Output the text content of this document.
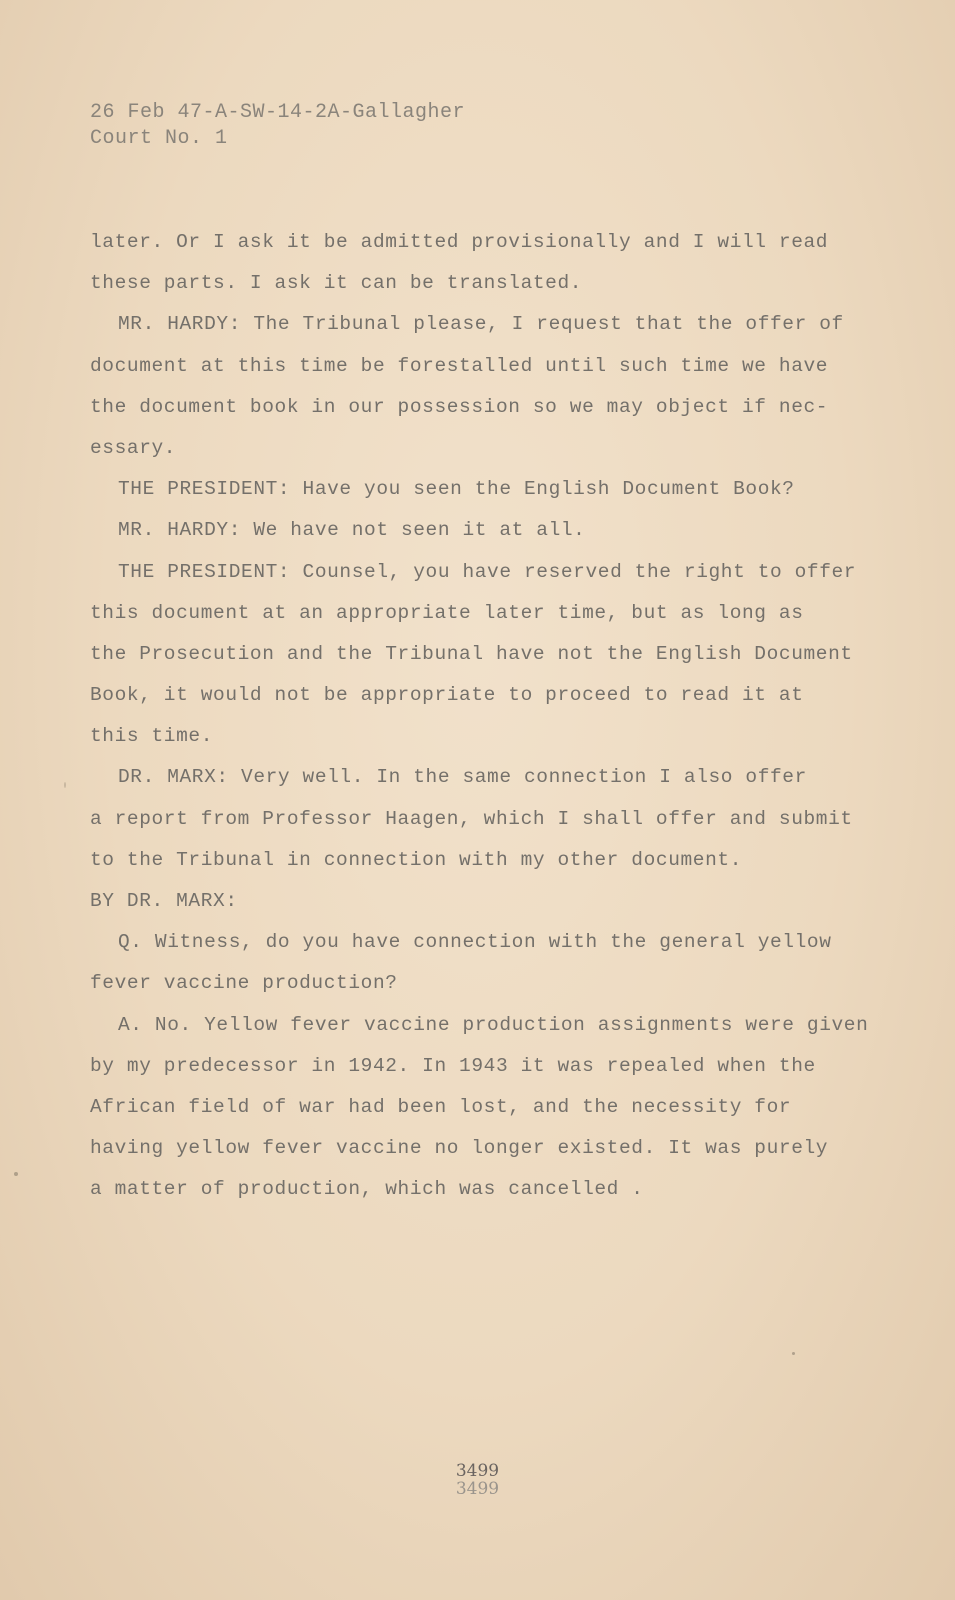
26 Feb 47-A-SW-14-2A-Gallagher
Court No. 1
later. Or I ask it be admitted provisionally and I will read
these parts. I ask it can be translated.
MR. HARDY: The Tribunal please, I request that the offer of
document at this time be forestalled until such time we have
the document book in our possession so we may object if nec-
essary.
THE PRESIDENT: Have you seen the English Document Book?
MR. HARDY: We have not seen it at all.
THE PRESIDENT: Counsel, you have reserved the right to offer
this document at an appropriate later time, but as long as
the Prosecution and the Tribunal have not the English Document
Book, it would not be appropriate to proceed to read it at
this time.
DR. MARX: Very well. In the same connection I also offer
a report from Professor Haagen, which I shall offer and submit
to the Tribunal in connection with my other document.
BY DR. MARX:
Q. Witness, do you have connection with the general yellow
fever vaccine production?
A. No. Yellow fever vaccine production assignments were given
by my predecessor in 1942. In 1943 it was repealed when the
African field of war had been lost, and the necessity for
having yellow fever vaccine no longer existed. It was purely
a matter of production, which was cancelled .
3499
3499
